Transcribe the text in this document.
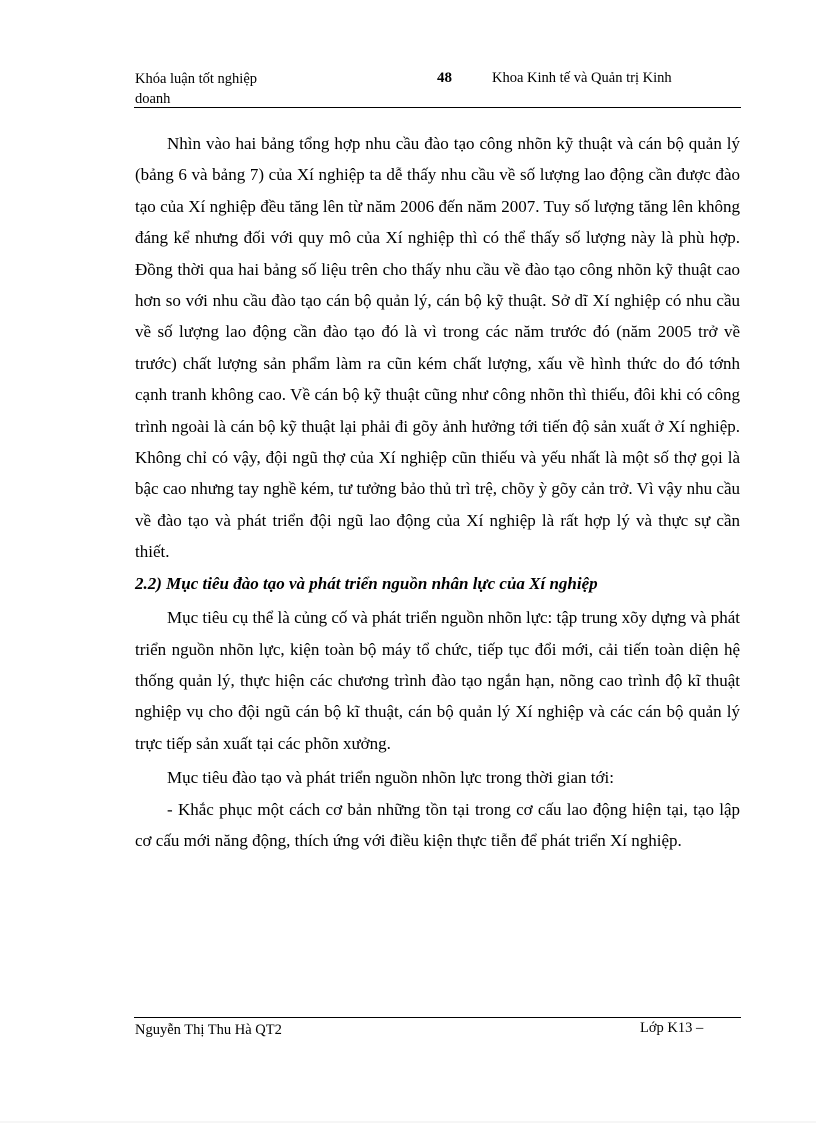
Khóa luận tốt nghiệp doanh
48	Khoa Kinh tế và Quản trị Kinh

Nhìn vào hai bảng tổng hợp nhu cầu đào tạo công nhõn kỹ thuật và cán bộ quản lý (bảng 6 và bảng 7) của Xí nghiệp ta dễ thấy nhu cầu về số lượng lao động cần được đào tạo của Xí nghiệp đều tăng lên từ năm 2006 đến năm 2007. Tuy số lượng tăng lên không đáng kể nhưng đối với quy mô của Xí nghiệp thì có thể thấy số lượng này là phù hợp. Đồng thời qua hai bảng số liệu trên cho thấy nhu cầu về đào tạo công nhõn kỹ thuật cao hơn so với nhu cầu đào tạo cán bộ quản lý, cán bộ kỹ thuật. Sở dĩ Xí nghiệp có nhu cầu về số lượng lao động cần đào tạo đó là vì trong các năm trước đó (năm 2005 trở về trước) chất lượng sản phẩm làm ra cũn kém chất lượng, xấu về hình thức do đó tớnh cạnh tranh không cao. Về cán bộ kỹ thuật cũng như công nhõn thì thiếu, đôi khi có công trình ngoài là cán bộ kỹ thuật lại phải đi gõy ảnh hưởng tới tiến độ sản xuất ở Xí nghiệp. Không chỉ có vậy, đội ngũ thợ của Xí nghiệp cũn thiếu và yếu nhất là một số thợ gọi là bậc cao nhưng tay nghề kém, tư tưởng bảo thủ trì trệ, chõy ỳ gõy cản trở. Vì vậy nhu cầu về đào tạo và phát triển đội ngũ lao động của Xí nghiệp là rất hợp lý và thực sự cần thiết.

2.2) Mục tiêu đào tạo và phát triển nguồn nhân lực của Xí nghiệp

Mục tiêu cụ thể là củng cố và phát triển nguồn nhõn lực: tập trung xõy dựng và phát triển nguồn nhõn lực, kiện toàn bộ máy tổ chức, tiếp tục đổi mới, cải tiến toàn diện hệ thống quản lý, thực hiện các chương trình đào tạo ngắn hạn, nõng cao trình độ kĩ thuật nghiệp vụ cho đội ngũ cán bộ kĩ thuật, cán bộ quản lý Xí nghiệp và các cán bộ quản lý trực tiếp sản xuất tại các phõn xưởng.

Mục tiêu đào tạo và phát triển nguồn nhõn lực trong thời gian tới:

- Khắc phục một cách cơ bản những tồn tại trong cơ cấu lao động hiện tại, tạo lập cơ cấu mới năng động, thích ứng với điều kiện thực tiễn để phát triển Xí nghiệp.

Nguyễn Thị Thu Hà QT2	Lớp K13 –
